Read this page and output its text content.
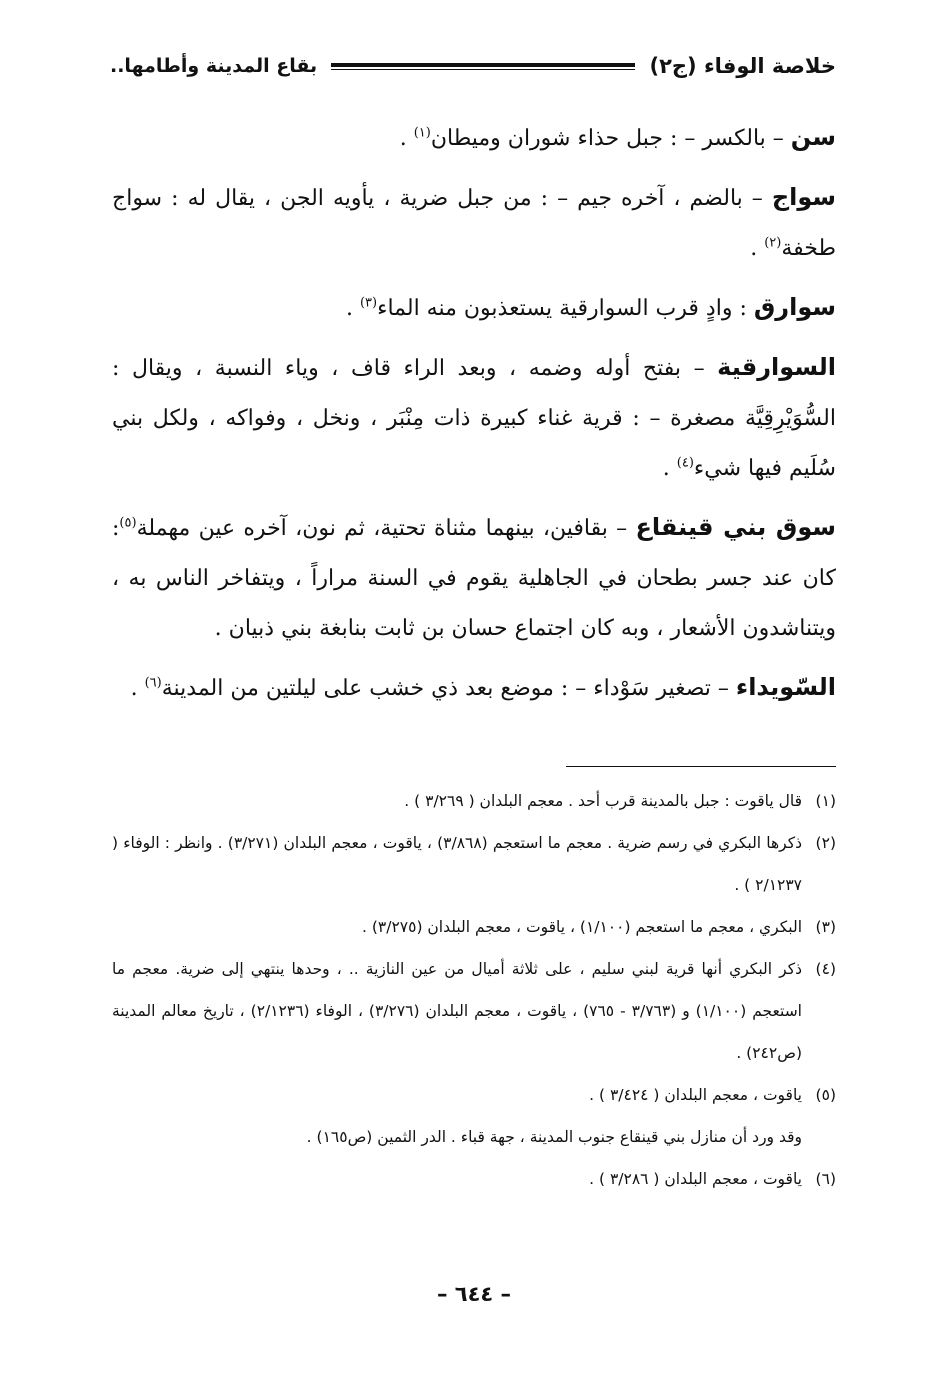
خلاصة الوفاء (ج٢)
بقاع المدينة وأطامها..

سن – بالكسر – : جبل حذاء شوران وميطان$^{(١)}$ .

سواج – بالضم ، آخره جيم – : من جبل ضرية ، يأويه الجن ، يقال له : سواج طخفة$^{(٢)}$ .

سوارق : وادٍ قرب السوارقية يستعذبون منه الماء$^{(٣)}$ .

السوارقية – بفتح أوله وضمه ، وبعد الراء قاف ، وياء النسبة ، ويقال : السُّوَيْرِقِيَّة مصغرة – : قرية غناء كبيرة ذات مِنْبَر ، ونخل ، وفواكه ، ولكل بني سُلَيم فيها شيء$^{(٤)}$ .

سوق بني قينقاع – بقافين، بينهما مثناة تحتية، ثم نون، آخره عين مهملة$^{(٥)}$: كان عند جسر بطحان في الجاهلية يقوم في السنة مراراً ، ويتفاخر الناس به ، ويتناشدون الأشعار ، وبه كان اجتماع حسان بن ثابت بنابغة بني ذبيان .

السّويداء – تصغير سَوْداء – : موضع بعد ذي خشب على ليلتين من المدينة$^{(٦)}$ .

(١)
قال ياقوت : جبل بالمدينة قرب أحد . معجم البلدان ( ٣/٢٦٩ ) .
(٢)
ذكرها البكري في رسم ضرية . معجم ما استعجم (٣/٨٦٨) ، ياقوت ، معجم البلدان (٣/٢٧١) . وانظر : الوفاء ( ٢/١٢٣٧ ) .
(٣)
البكري ، معجم ما استعجم (١/١٠٠) ، ياقوت ، معجم البلدان (٣/٢٧٥) .
(٤)
ذكر البكري أنها قرية لبني سليم ، على ثلاثة أميال من عين النازية .. ، وحدها ينتهي إلى ضرية. معجم ما استعجم (١/١٠٠) و (٣/٧٦٣ - ٧٦٥) ، ياقوت ، معجم البلدان (٣/٢٧٦) ، الوفاء (٢/١٢٣٦) ، تاريخ معالم المدينة (ص٢٤٢) .
(٥)
ياقوت ، معجم البلدان ( ٣/٤٢٤ ) .
وقد ورد أن منازل بني قينقاع جنوب المدينة ، جهة قباء . الدر الثمين (ص١٦٥) .
(٦)
ياقوت ، معجم البلدان ( ٣/٢٨٦ ) .
– ٦٤٤ –
